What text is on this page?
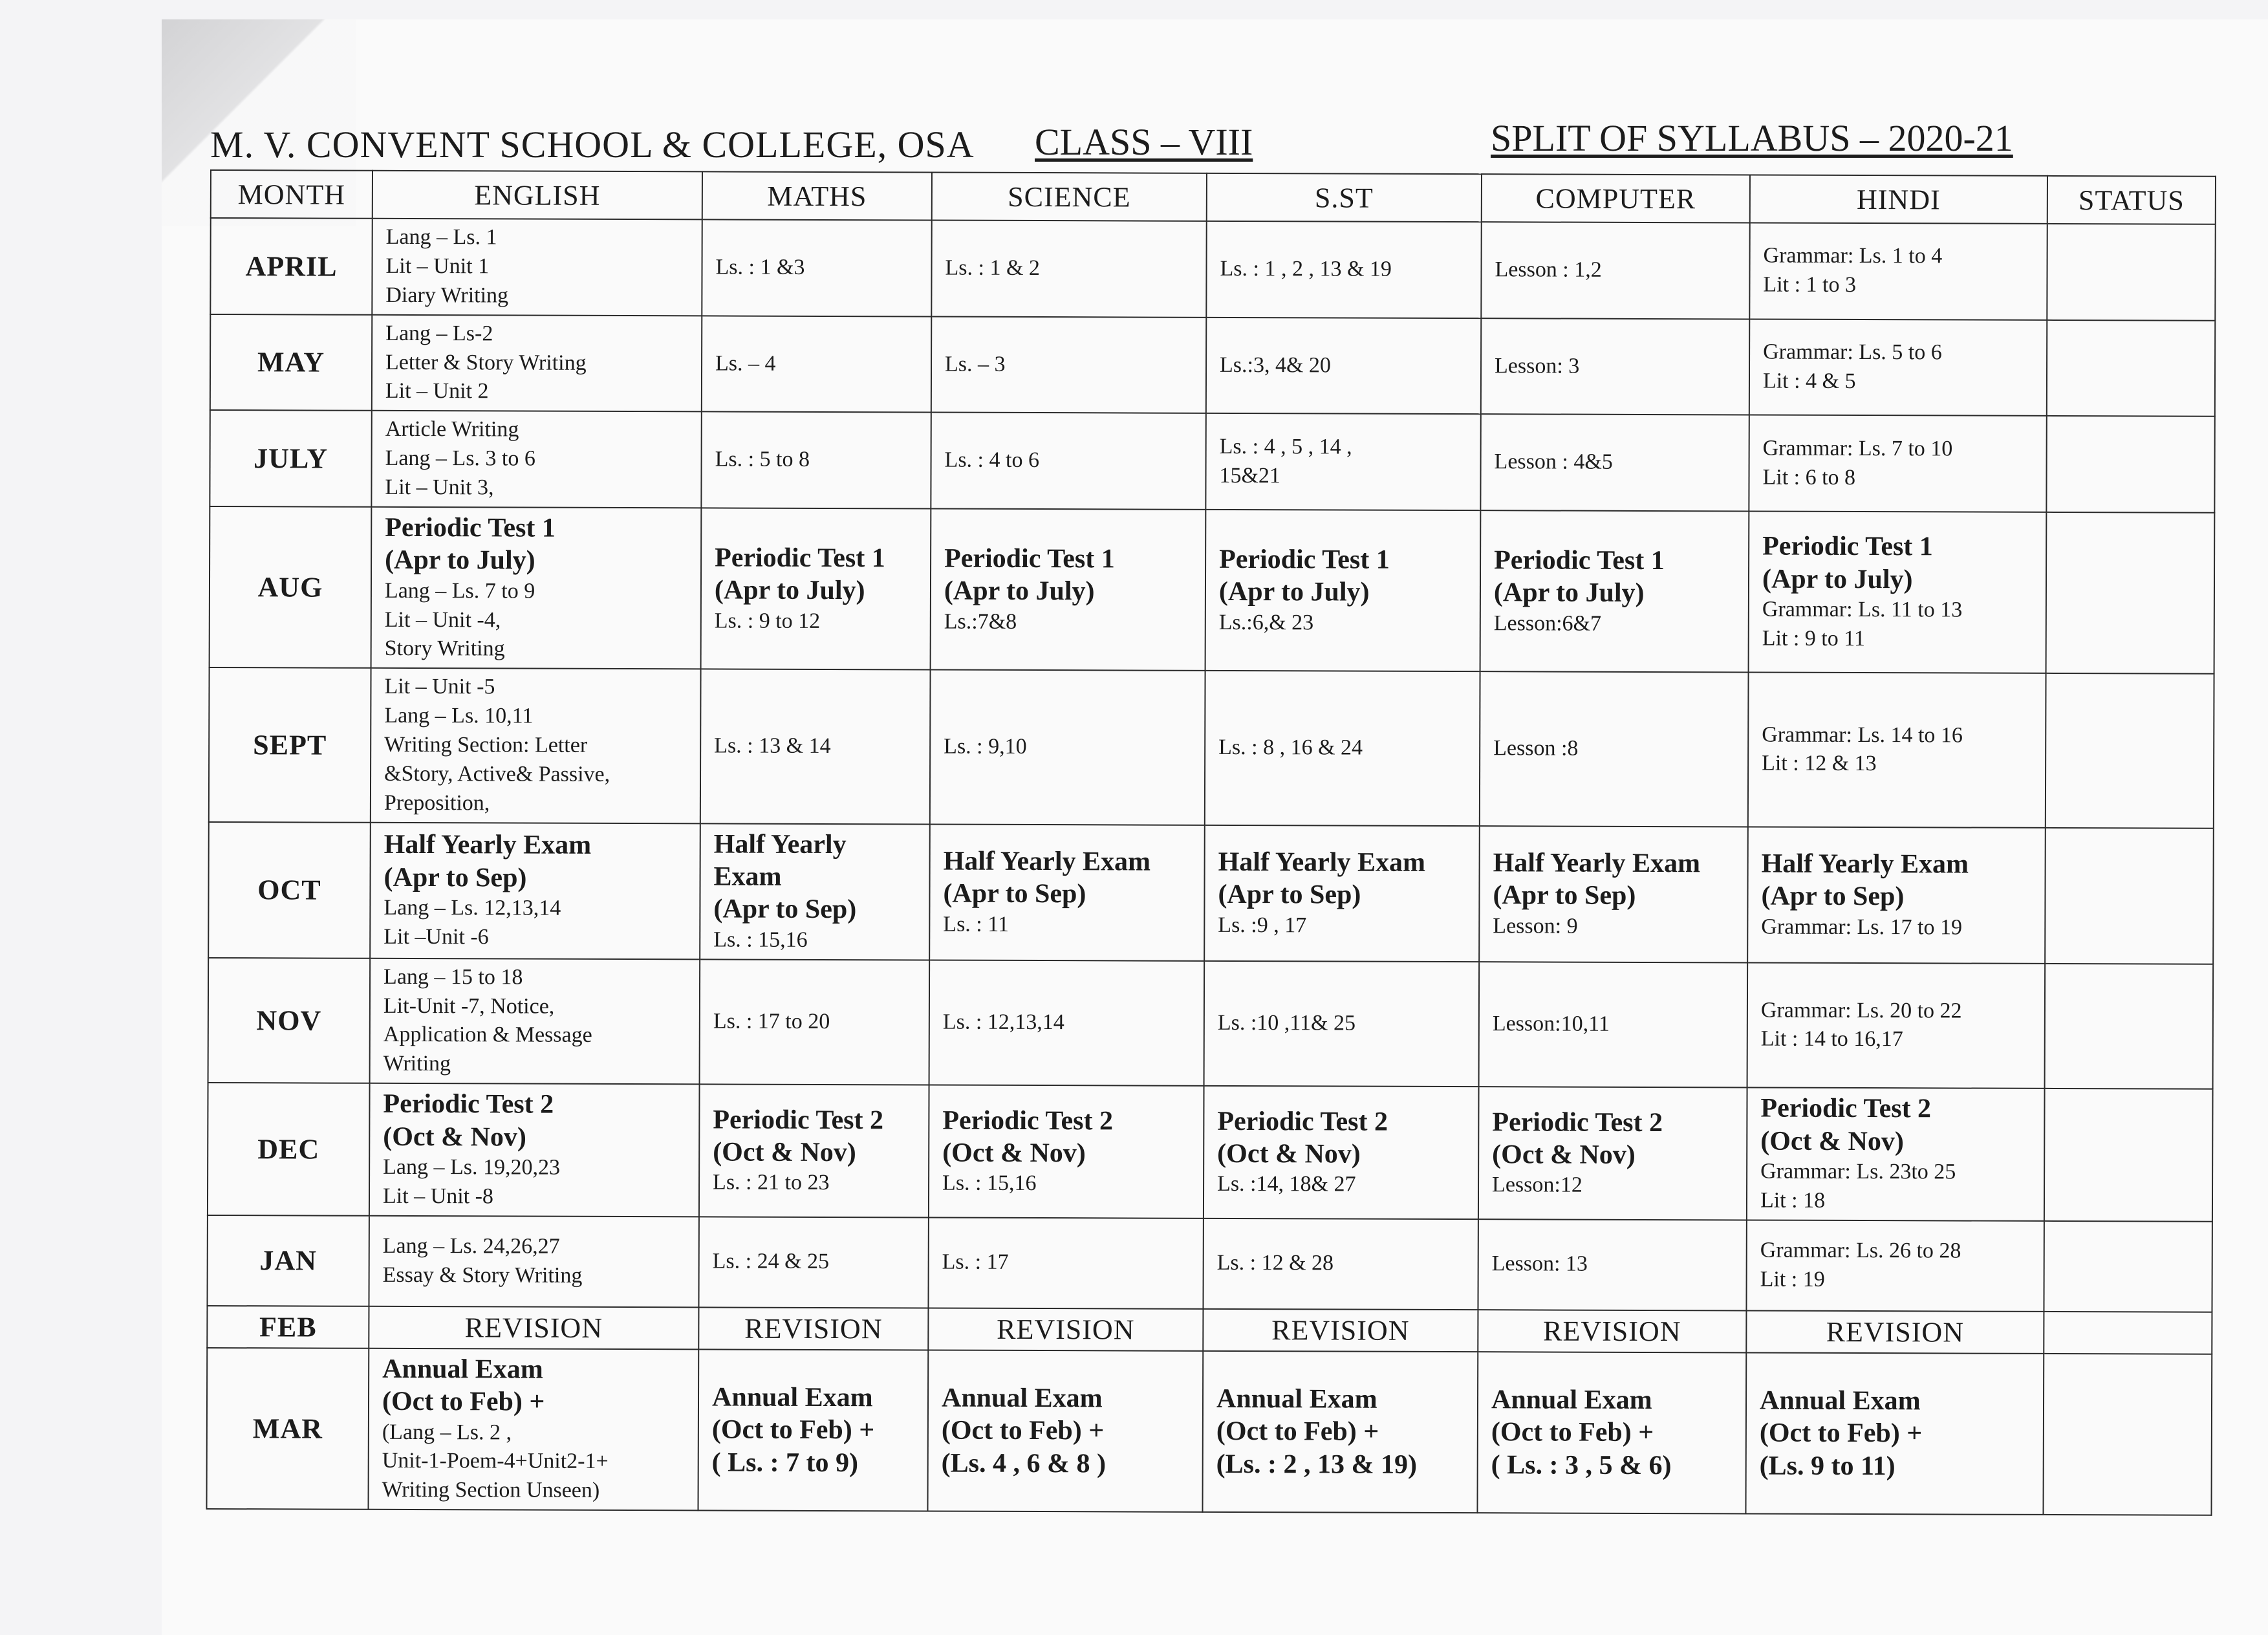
M. V. CONVENT SCHOOL & COLLEGE, OSA CLASS – VIII	SPLIT OF SYLLABUS – 2020-21
MONTH	ENGLISH	MATHS	SCIENCE	S.ST	COMPUTER	HINDI	STATUS
APRIL	Lang – Ls. 1
Lit – Unit 1
Diary Writing	Ls. : 1 &3	Ls. : 1 & 2	Ls. : 1 , 2 , 13 & 19	Lesson : 1,2	Grammar: Ls. 1 to 4
Lit : 1 to 3	

MAY	Lang – Ls-2
Letter & Story Writing
Lit – Unit 2	Ls. – 4	Ls. – 3	Ls.:3, 4& 20	Lesson: 3	Grammar: Ls. 5 to 6
Lit : 4 & 5	

JULY	Article Writing
Lang – Ls. 3 to 6
Lit – Unit 3,	Ls. : 5 to 8	Ls. : 4 to 6	Ls. : 4 , 5 , 14 ,
15&21	Lesson : 4&5	Grammar: Ls. 7 to 10
Lit : 6 to 8	

AUG	Periodic Test 1
(Apr to July)
Lang – Ls. 7 to 9
Lit – Unit -4,
Story Writing	Periodic Test 1
(Apr to July)
Ls. : 9 to 12	Periodic Test 1
(Apr to July)
Ls.:7&8	Periodic Test 1
(Apr to July)
Ls.:6,& 23	Periodic Test 1
(Apr to July)
Lesson:6&7	Periodic Test 1
(Apr to July)
Grammar: Ls. 11 to 13
Lit : 9 to 11	

SEPT	Lit – Unit -5
Lang – Ls. 10,11
Writing Section: Letter
&Story, Active& Passive,
Preposition,	Ls. : 13 & 14	Ls. : 9,10	Ls. : 8 , 16 & 24	Lesson :8	Grammar: Ls. 14 to 16
Lit : 12 & 13	

OCT	Half Yearly Exam
(Apr to Sep)
Lang – Ls. 12,13,14
Lit –Unit -6	Half Yearly
Exam
(Apr to Sep)
Ls. : 15,16	Half Yearly Exam
(Apr to Sep)
Ls. : 11	Half Yearly Exam
(Apr to Sep)
Ls. :9 , 17	Half Yearly Exam
(Apr to Sep)
Lesson: 9	Half Yearly Exam
(Apr to Sep)
Grammar: Ls. 17 to 19	

NOV	Lang – 15 to 18
Lit-Unit -7, Notice,
Application & Message
Writing	Ls. : 17 to 20	Ls. : 12,13,14	Ls. :10 ,11& 25	Lesson:10,11	Grammar: Ls. 20 to 22
Lit : 14 to 16,17	

DEC	Periodic Test 2
(Oct & Nov)
Lang – Ls. 19,20,23
Lit – Unit -8	Periodic Test 2
(Oct & Nov)
Ls. : 21 to 23	Periodic Test 2
(Oct & Nov)
Ls. : 15,16	Periodic Test 2
(Oct & Nov)
Ls. :14, 18& 27	Periodic Test 2
(Oct & Nov)
Lesson:12	Periodic Test 2
(Oct & Nov)
Grammar: Ls. 23to 25
Lit : 18	

JAN	Lang – Ls. 24,26,27
Essay & Story Writing	Ls. : 24 & 25	Ls. : 17	Ls. : 12 & 28	Lesson: 13	Grammar: Ls. 26 to 28
Lit : 19	

FEB	REVISION	REVISION	REVISION	REVISION	REVISION	REVISION	
MAR	Annual Exam
(Oct to Feb) +
(Lang – Ls. 2 ,
Unit-1-Poem-4+Unit2-1+
Writing Section Unseen)	Annual Exam
(Oct to Feb) +
( Ls. : 7 to 9)	Annual Exam
(Oct to Feb) +
(Ls. 4 , 6 & 8 )	Annual Exam
(Oct to Feb) +
(Ls. : 2 , 13 & 19)	Annual Exam
(Oct to Feb) +
( Ls. : 3 , 5 & 6)	Annual Exam
(Oct to Feb) +
(Ls. 9 to 11)	
